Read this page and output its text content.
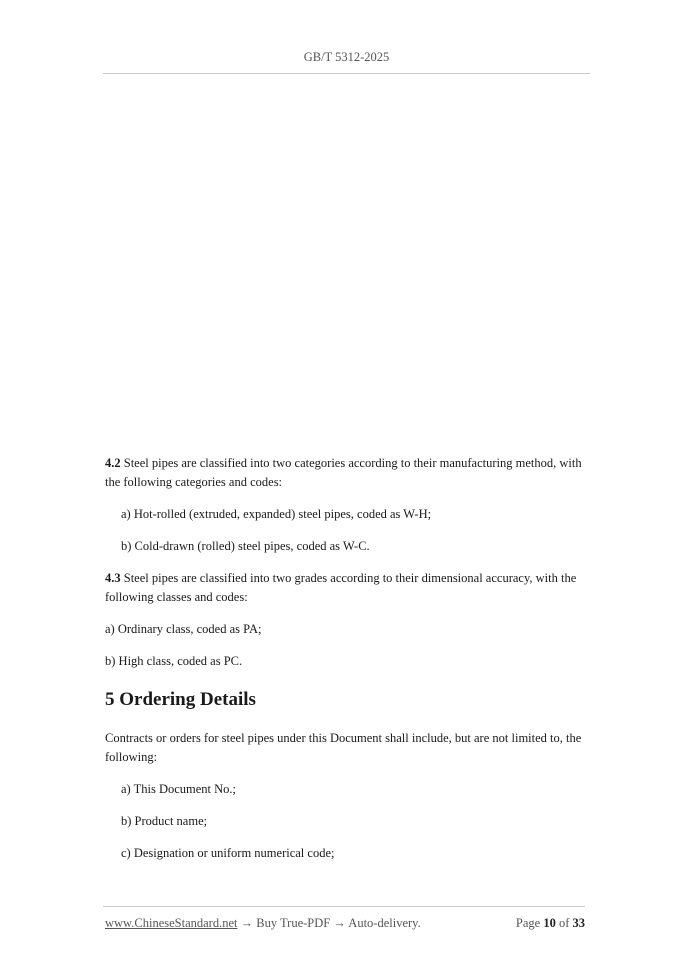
GB/T 5312-2025

4.2 Steel pipes are classified into two categories according to their manufacturing method, with the following categories and codes:

a) Hot-rolled (extruded, expanded) steel pipes, coded as W-H;

b) Cold-drawn (rolled) steel pipes, coded as W-C.

4.3 Steel pipes are classified into two grades according to their dimensional accuracy, with the following classes and codes:

a) Ordinary class, coded as PA;

b) High class, coded as PC.

5 Ordering Details

Contracts or orders for steel pipes under this Document shall include, but are not limited to, the following:

a) This Document No.;

b) Product name;

c) Designation or uniform numerical code;

www.ChineseStandard.net → Buy True-PDF → Auto-delivery.	Page 10 of 33
